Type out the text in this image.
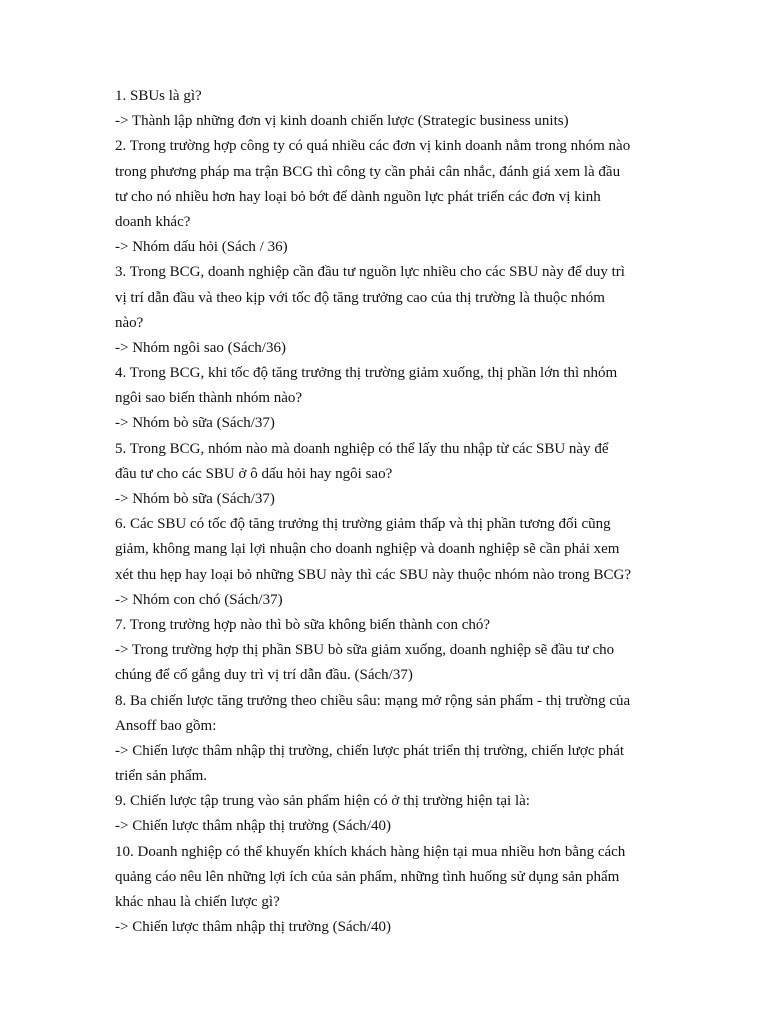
1. SBUs là gì?
-> Thành lập những đơn vị kinh doanh chiến lược (Strategic business units)
2. Trong trường hợp công ty có quá nhiều các đơn vị kinh doanh nằm trong nhóm nào
trong phương pháp ma trận BCG thì công ty cần phải cân nhắc, đánh giá xem là đầu
tư cho nó nhiều hơn hay loại bỏ bớt để dành nguồn lực phát triển các đơn vị kinh
doanh khác?
-> Nhóm dấu hỏi (Sách / 36)
3. Trong BCG, doanh nghiệp cần đầu tư nguồn lực nhiều cho các SBU này để duy trì
vị trí dẫn đầu và theo kịp với tốc độ tăng trưởng cao của thị trường là thuộc nhóm
nào?
-> Nhóm ngôi sao (Sách/36)
4. Trong BCG, khi tốc độ tăng trưởng thị trường giảm xuống, thị phần lớn thì nhóm
ngôi sao biến thành nhóm nào?
-> Nhóm bò sữa (Sách/37)
5. Trong BCG, nhóm nào mà doanh nghiệp có thể lấy thu nhập từ các SBU này để
đầu tư cho các SBU ở ô dấu hỏi hay ngôi sao?
-> Nhóm bò sữa (Sách/37)
6. Các SBU có tốc độ tăng trưởng thị trường giảm thấp và thị phần tương đối cũng
giảm, không mang lại lợi nhuận cho doanh nghiệp và doanh nghiệp sẽ cần phải xem
xét thu hẹp hay loại bỏ những SBU này thì các SBU này thuộc nhóm nào trong BCG?
-> Nhóm con chó (Sách/37)
7. Trong trường hợp nào thì bò sữa không biến thành con chó?
-> Trong trường hợp thị phần SBU bò sữa giảm xuống, doanh nghiệp sẽ đầu tư cho
chúng để cố gắng duy trì vị trí dẫn đầu. (Sách/37)
8. Ba chiến lược tăng trưởng theo chiều sâu: mạng mở rộng sản phẩm - thị trường của
Ansoff bao gồm:
-> Chiến lược thâm nhập thị trường, chiến lược phát triển thị trường, chiến lược phát
triển sản phẩm.
9. Chiến lược tập trung vào sản phẩm hiện có ở thị trường hiện tại là:
-> Chiến lược thâm nhập thị trường (Sách/40)
10. Doanh nghiệp có thể khuyến khích khách hàng hiện tại mua nhiều hơn bằng cách
quảng cáo nêu lên những lợi ích của sản phẩm, những tình huống sử dụng sản phẩm
khác nhau là chiến lược gì?
-> Chiến lược thâm nhập thị trường (Sách/40)
